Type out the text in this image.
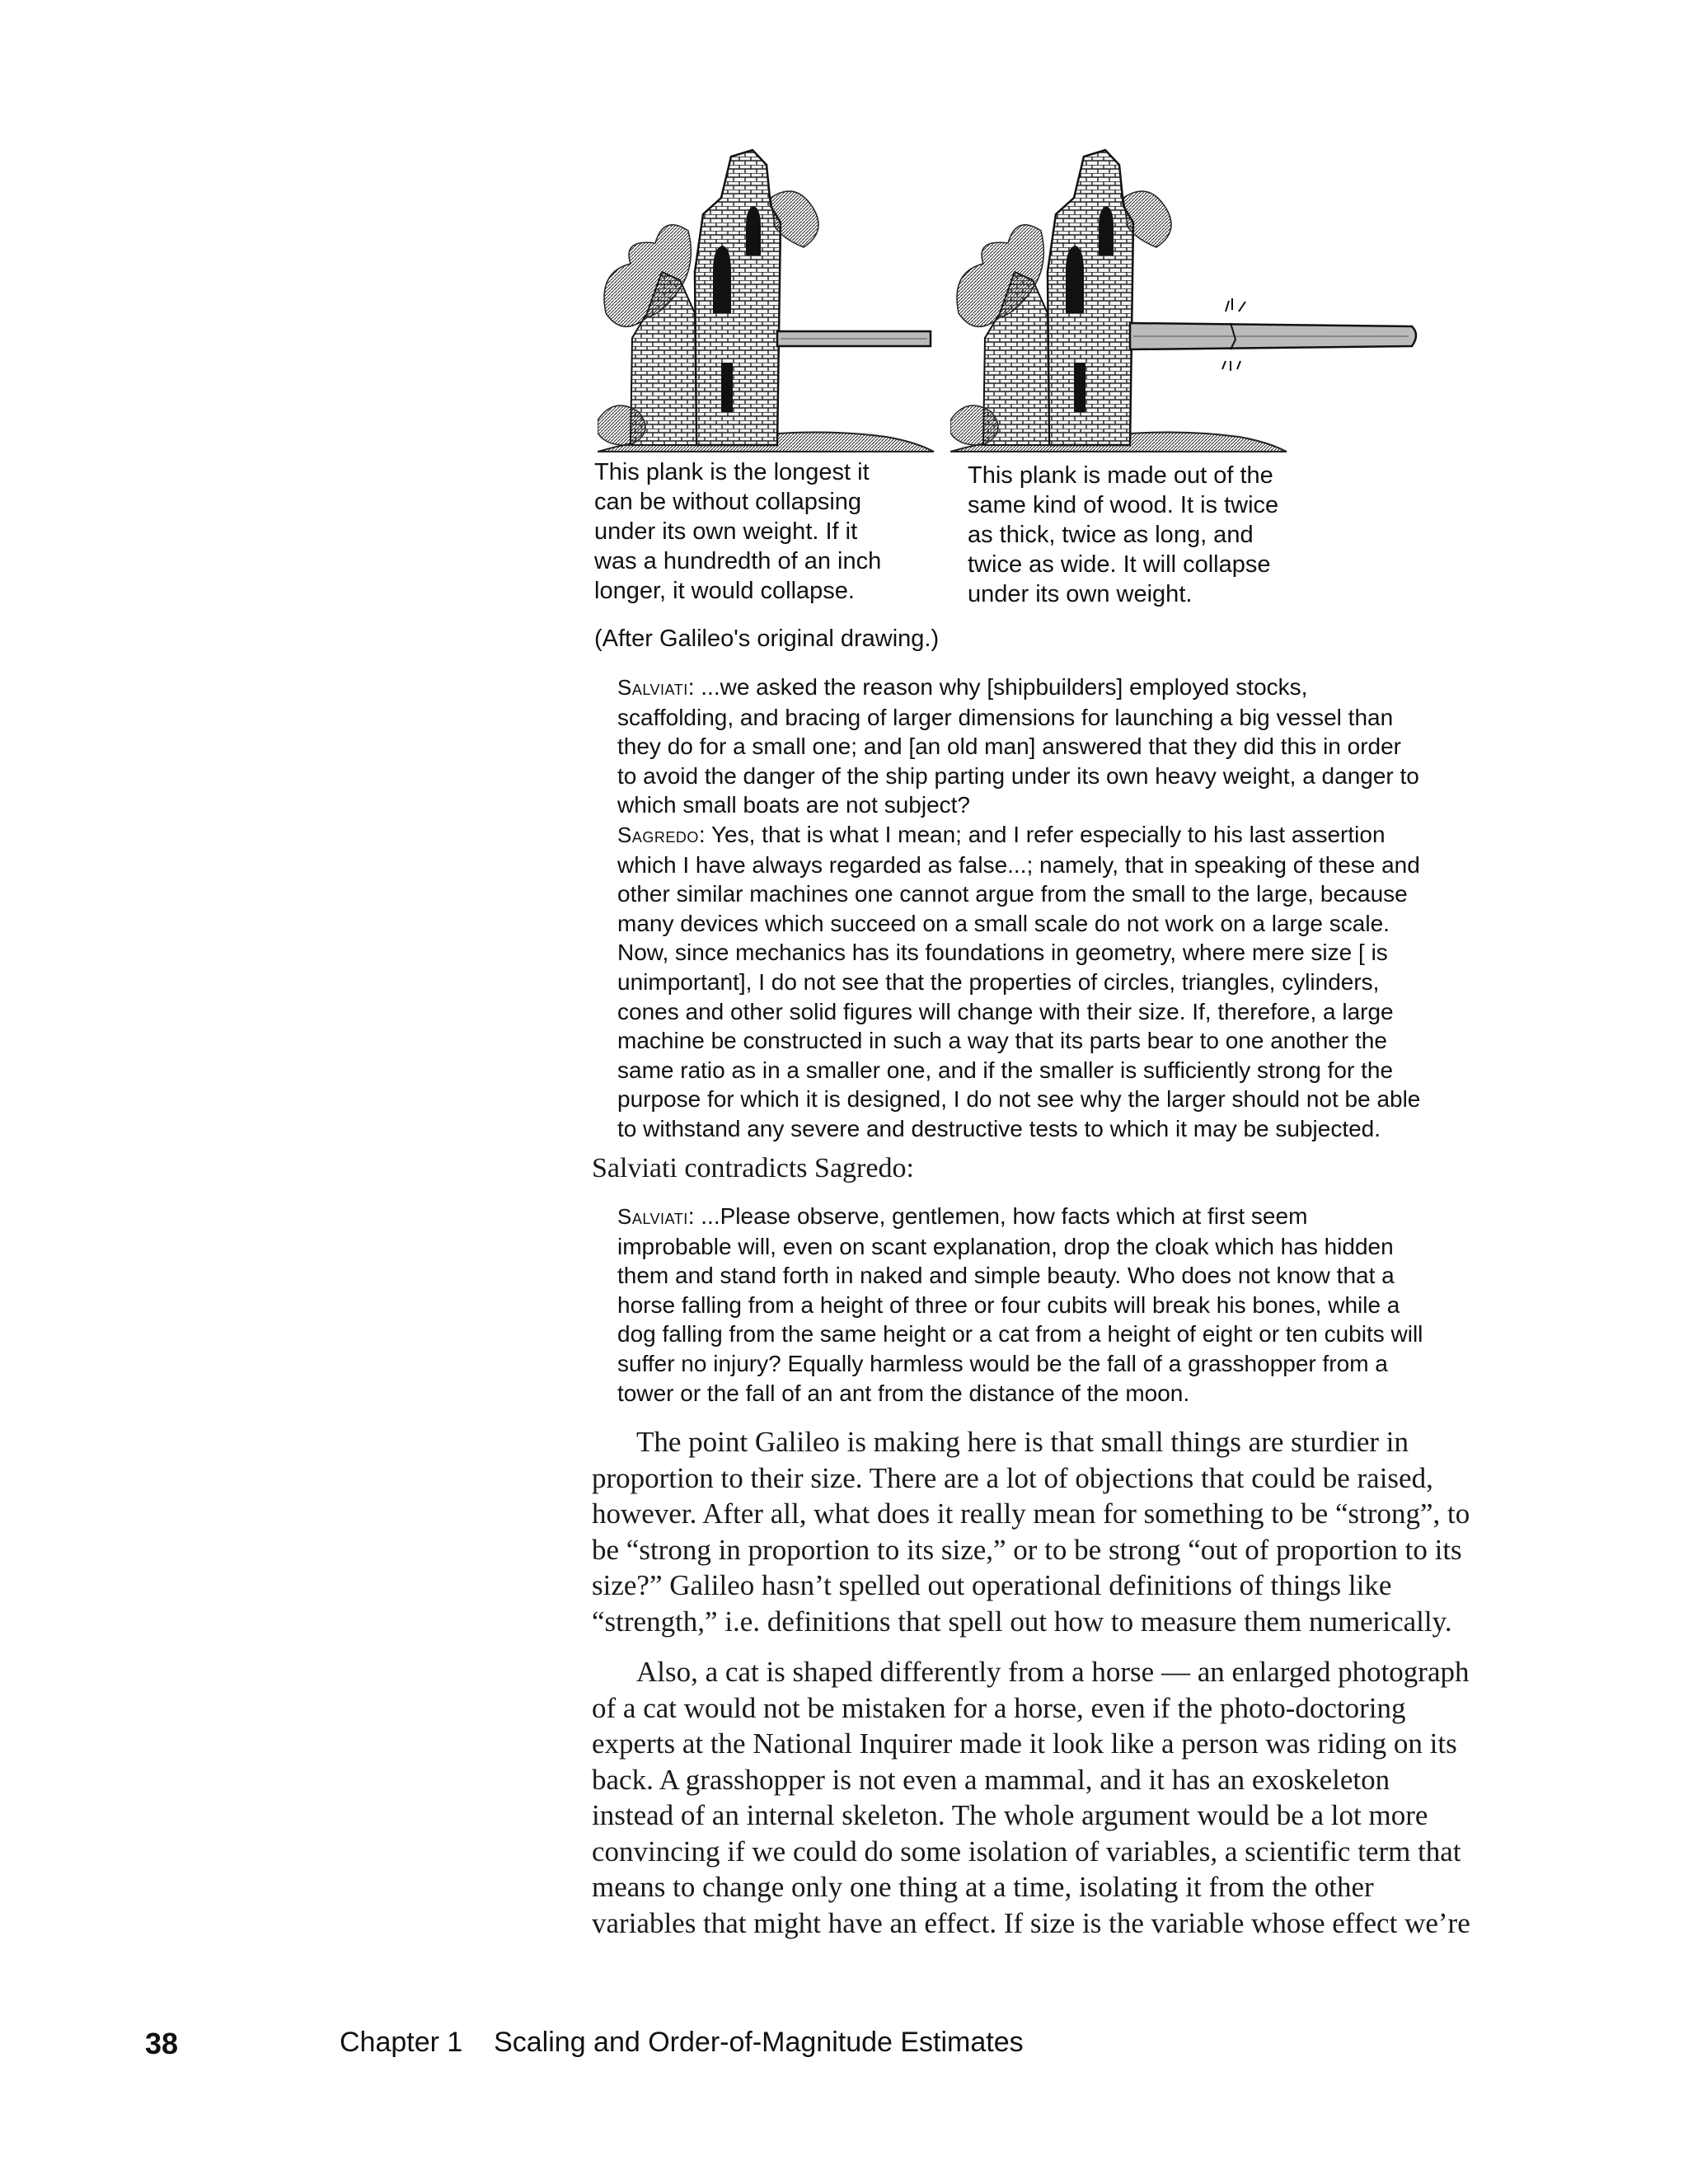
This plank is the longest it

can be without collapsing

under its own weight. If it

was a hundredth of an inch

longer, it would collapse.

This plank is made out of the

same kind of wood. It is twice

as thick, twice as long, and

twice as wide. It will collapse

under its own weight.

(After Galileo's original drawing.)

Salviati: ...we asked the reason why [shipbuilders] employed stocks,

scaffolding, and bracing of larger dimensions for launching a big vessel than

they do for a small one; and [an old man] answered that they did this in order

to avoid the danger of the ship parting under its own heavy weight, a danger to

which small boats are not subject?

Sagredo: Yes, that is what I mean; and I refer especially to his last assertion

which I have always regarded as false...; namely, that in speaking of these and

other similar machines one cannot argue from the small to the large, because

many devices which succeed on a small scale do not work on a large scale.

Now, since mechanics has its foundations in geometry, where mere size [ is

unimportant], I do not see that the properties of circles, triangles, cylinders,

cones and other solid figures will change with their size. If, therefore, a large

machine be constructed in such a way that its parts bear to one another the

same ratio as in a smaller one, and if the smaller is sufficiently strong for the

purpose for which it is designed, I do not see why the larger should not be able

to withstand any severe and destructive tests to which it may be subjected.

Salviati contradicts Sagredo:

Salviati: ...Please observe, gentlemen, how facts which at first seem

improbable will, even on scant explanation, drop the cloak which has hidden

them and stand forth in naked and simple beauty. Who does not know that a

horse falling from a height of three or four cubits will break his bones, while a

dog falling from the same height or a cat from a height of eight or ten cubits will

suffer no injury? Equally harmless would be the fall of a grasshopper from a

tower or the fall of an ant from the distance of the moon.

The point Galileo is making here is that small things are sturdier in
proportion to their size. There are a lot of objections that could be raised,
however. After all, what does it really mean for something to be “strong”, to
be “strong in proportion to its size,” or to be strong “out of proportion to its
size?” Galileo hasn’t spelled out operational definitions of things like
“strength,” i.e. definitions that spell out how to measure them numerically.
Also, a cat is shaped differently from a horse — an enlarged photograph
of a cat would not be mistaken for a horse, even if the photo-doctoring
experts at the National Inquirer made it look like a person was riding on its
back. A grasshopper is not even a mammal, and it has an exoskeleton
instead of an internal skeleton. The whole argument would be a lot more
convincing if we could do some isolation of variables, a scientific term that
means to change only one thing at a time, isolating it from the other
variables that might have an effect. If size is the variable whose effect we’re
38	Chapter 1    Scaling and Order-of-Magnitude Estimates
